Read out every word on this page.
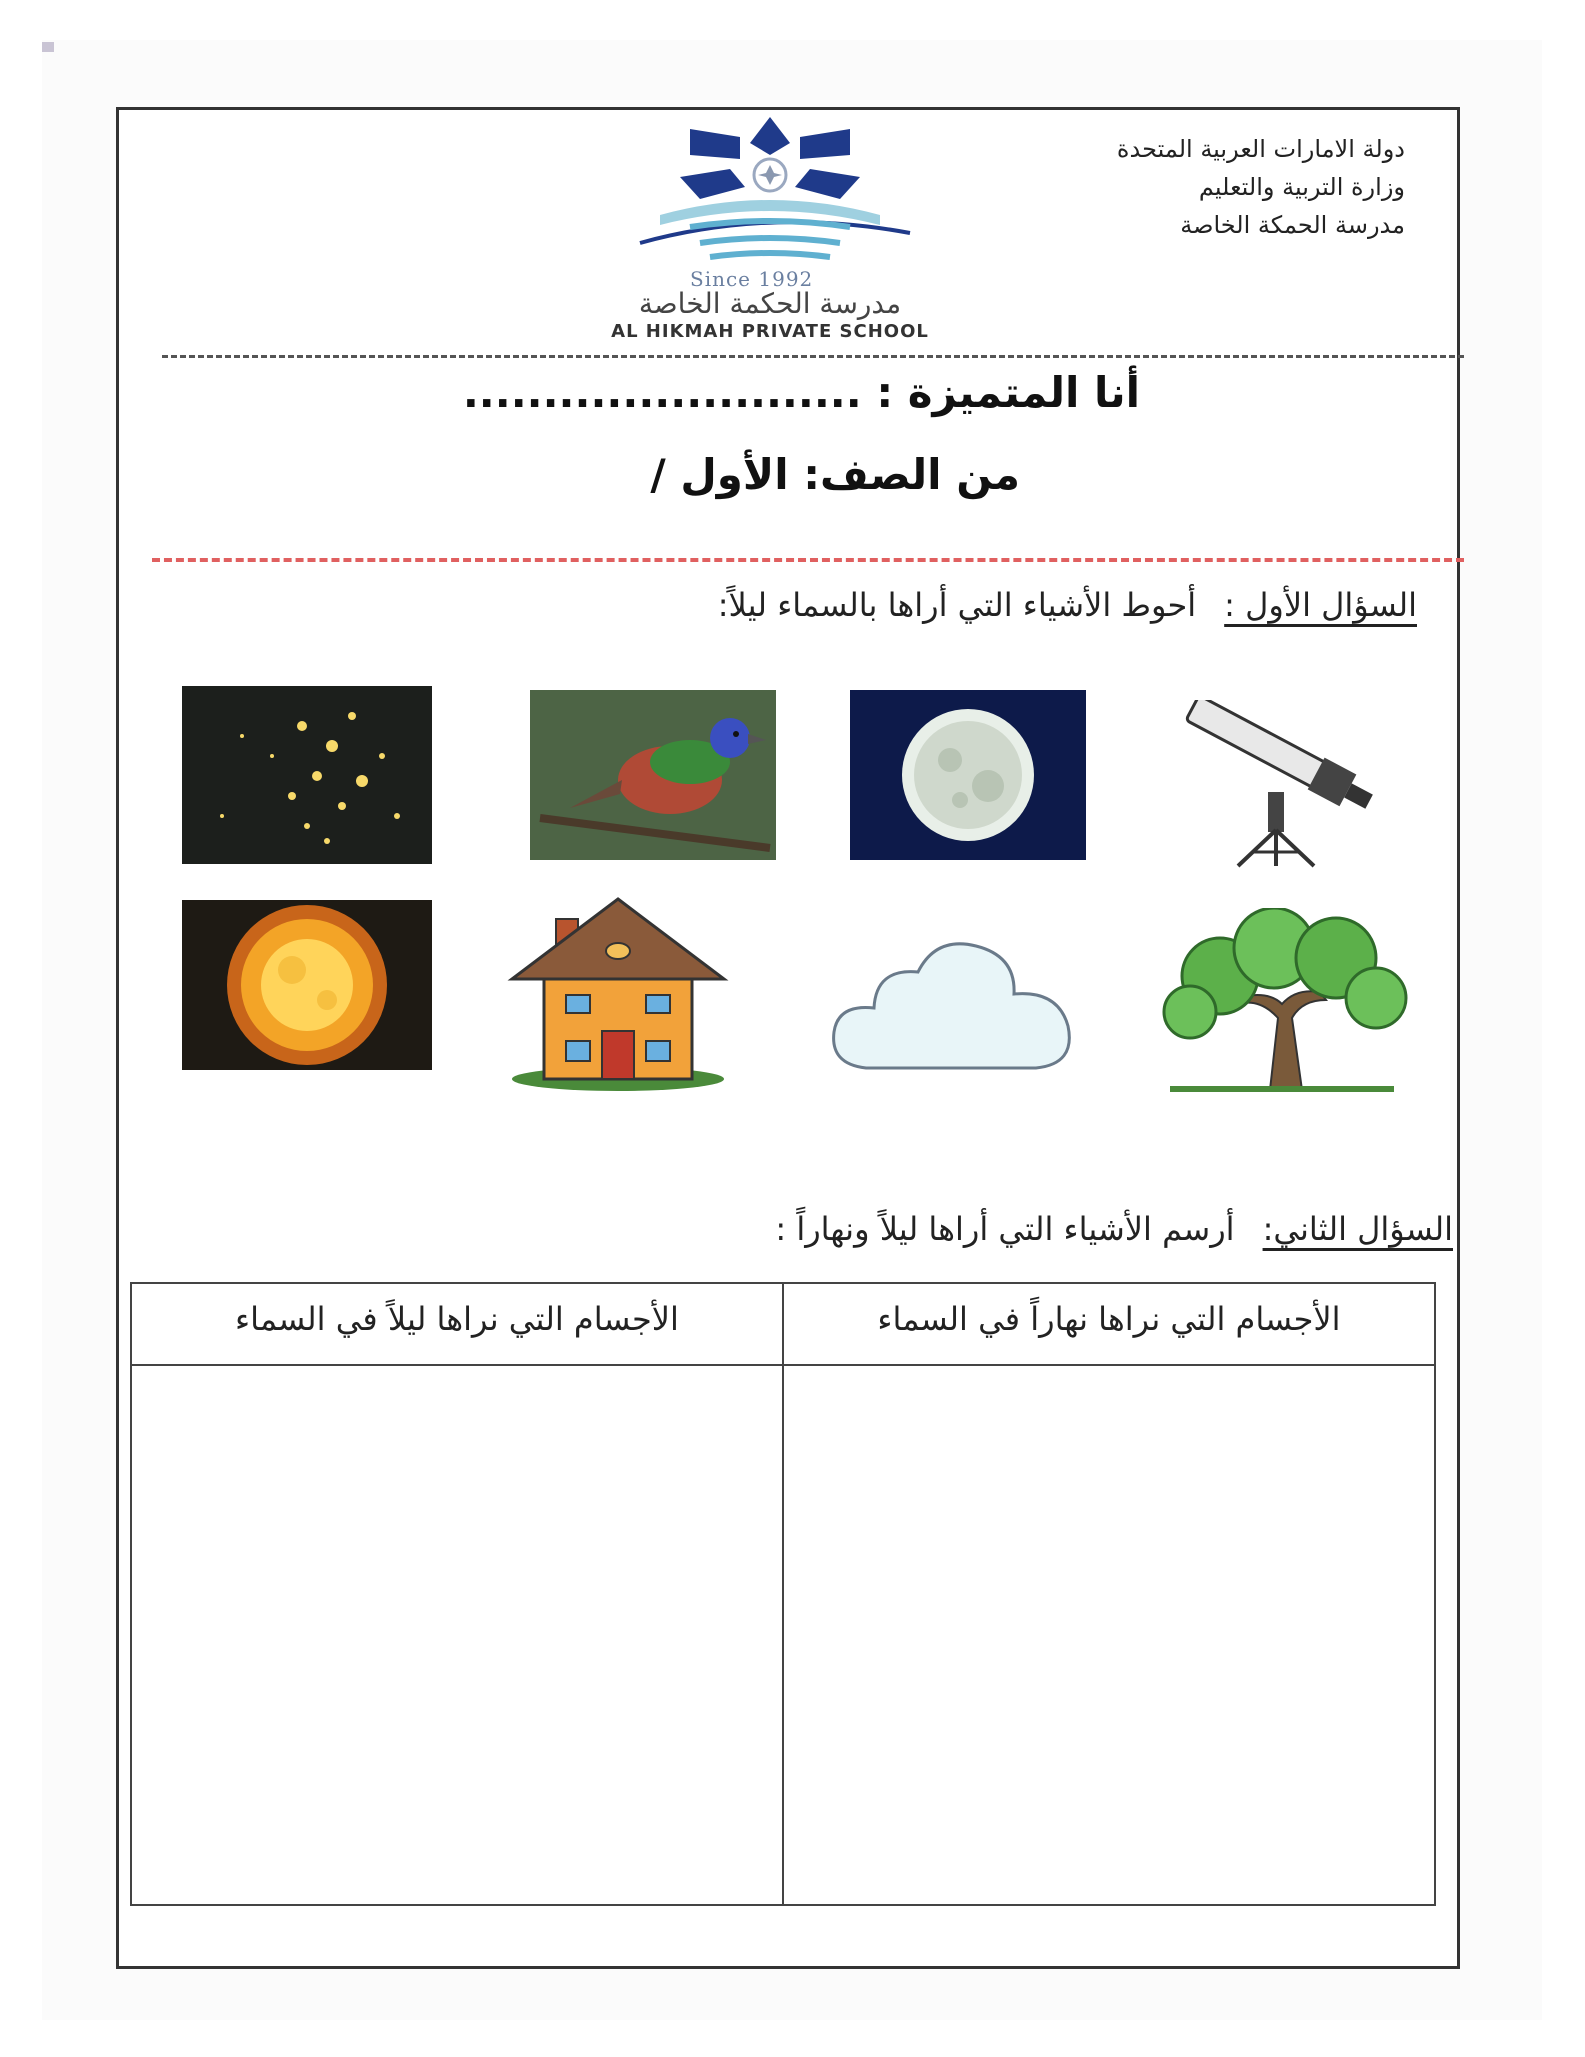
دولة الامارات العربية المتحدة
وزارة التربية والتعليم
مدرسة الحمكة الخاصة
Since 1992
مدرسة الحكمة الخاصة
AL HIKMAH PRIVATE SCHOOL
أنا المتميزة : .........................
من الصف: الأول /
السؤال الأول :أحوط الأشياء التي أراها بالسماء ليلاً:
السؤال الثاني:أرسم الأشياء التي أراها ليلاً ونهاراً :
الأجسام التي نراها نهاراً في السماء
الأجسام التي نراها ليلاً في السماء
